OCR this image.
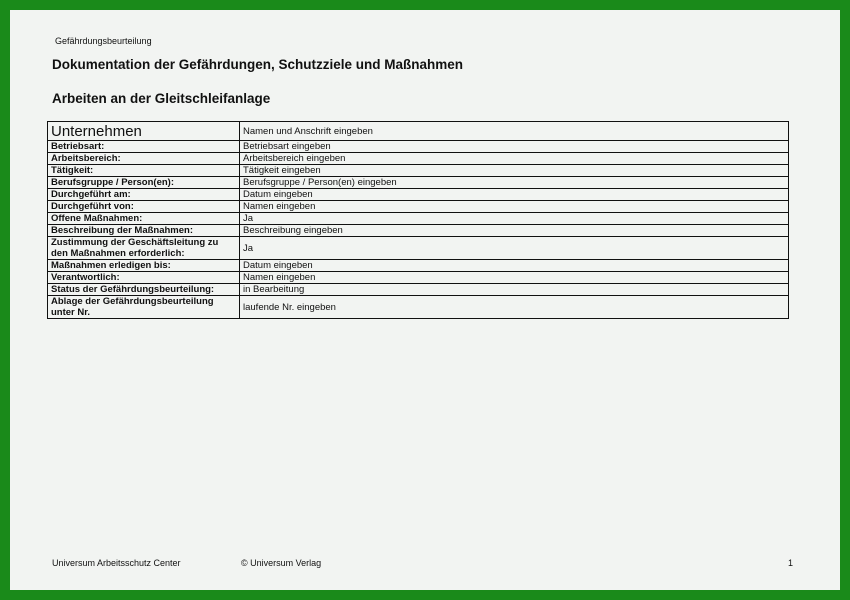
Gefährdungsbeurteilung
Dokumentation der Gefährdungen, Schutzziele und Maßnahmen
Arbeiten an der Gleitschleifanlage
Unternehmen	Namen und Anschrift eingeben
Betriebsart:	Betriebsart eingeben
Arbeitsbereich:	Arbeitsbereich eingeben
Tätigkeit:	Tätigkeit eingeben
Berufsgruppe / Person(en):	Berufsgruppe / Person(en) eingeben
Durchgeführt am:	Datum eingeben
Durchgeführt von:	Namen eingeben
Offene Maßnahmen:	Ja
Beschreibung der Maßnahmen:	Beschreibung eingeben
Zustimmung der Geschäftsleitung zu den Maßnahmen erforderlich:	Ja
Maßnahmen erledigen bis:	Datum eingeben
Verantwortlich:	Namen eingeben
Status der Gefährdungsbeurteilung:	in Bearbeitung
Ablage der Gefährdungsbeurteilung unter Nr.	laufende Nr. eingeben
Universum Arbeitsschutz Center	© Universum Verlag	1
